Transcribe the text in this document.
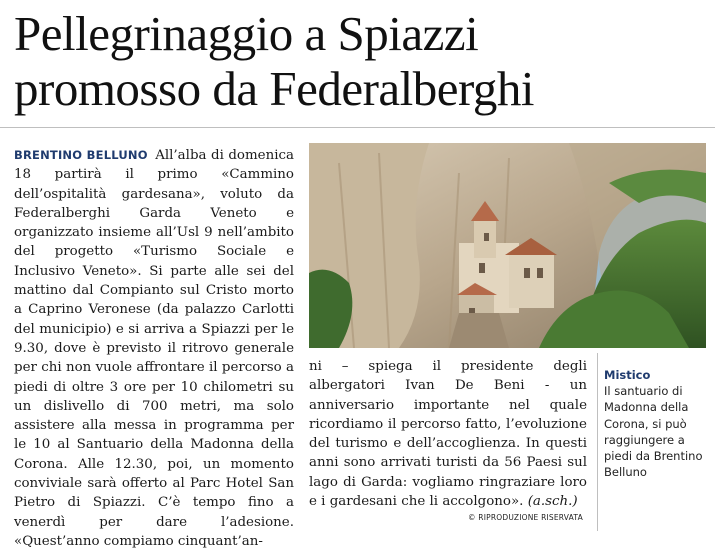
Pellegrinaggio a Spiazzi
promosso da Federalberghi

BRENTINO BELLUNO All’alba di domenica 18 partirà il primo «Cammino dell’ospitalità gardesana», voluto da Federalberghi Garda Veneto e organizzato insieme all’Usl 9 nell’ambito del progetto «Turismo Sociale e Inclusivo Veneto». Si parte alle sei del mattino dal Compianto sul Cristo morto a Caprino Veronese (da palazzo Carlotti del municipio) e si arriva a Spiazzi per le 9.30, dove è previsto il ritrovo generale per chi non vuole affrontare il percorso a piedi di oltre 3 ore per 10 chilometri su un dislivello di 700 metri, ma solo assistere alla messa in programma per le 10 al Santuario della Madonna della Corona. Alle 12.30, poi, un momento conviviale sarà offerto al Parc Hotel San Pietro di Spiazzi. C’è tempo fino a venerdì per dare l’adesione. «Quest’anno compiamo cinquant’an-

ni – spiega il presidente degli albergatori Ivan De Beni - un anniversario importante nel quale ricordiamo il percorso fatto, l’evoluzione del turismo e dell’accoglienza. In questi anni sono arrivati turisti da 56 Paesi sul lago di Garda: vogliamo ringraziare loro e i gardesani che li accolgono». (a.sch.)

© RIPRODUZIONE RISERVATA
Mistico
Il santuario di Madonna della Corona, si può raggiungere a piedi da Brentino Belluno
